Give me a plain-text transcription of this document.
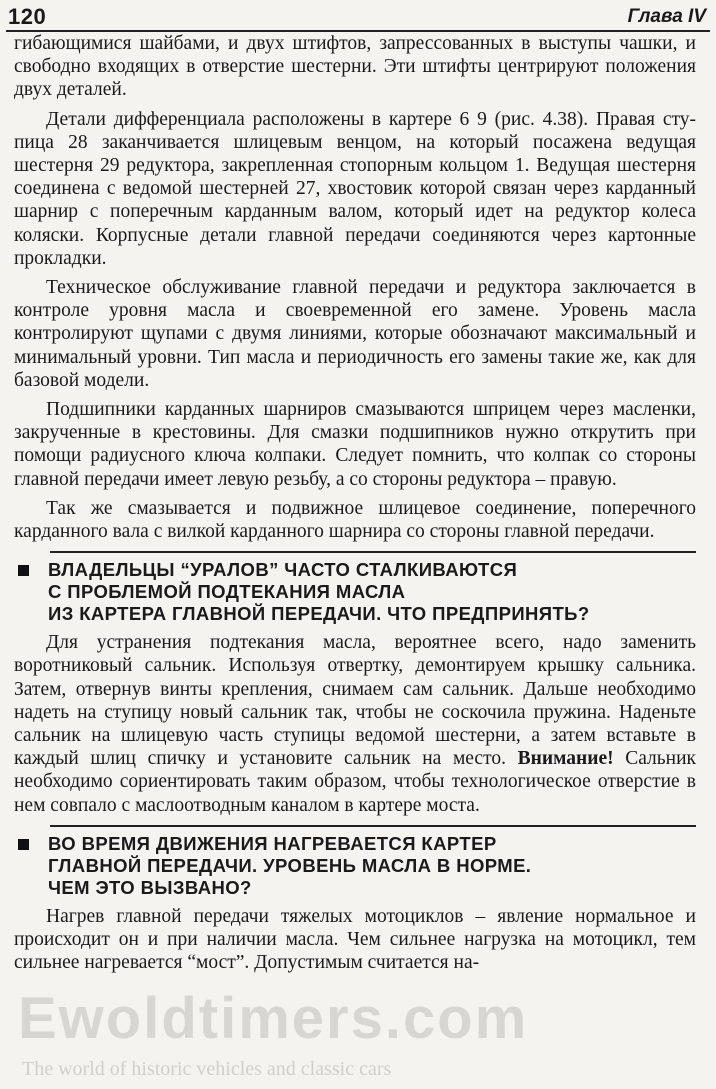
120	Глава IV

гибающимися шайбами, и двух штифтов, запрессованных в выступы чашки, и свободно входящих в отверстие шестерни. Эти штифты центрируют положения двух деталей.

Детали дифференциала расположены в картере 6 9 (рис. 4.38). Правая сту-пица 28 заканчивается шлицевым венцом, на который посажена ведущая шестерня 29 редуктора, закрепленная стопорным кольцом 1. Ведущая шестерня соединена с ведомой шестерней 27, хвостовик которой связан через карданный шарнир с поперечным карданным валом, который идет на редуктор колеса коляски. Корпусные детали главной передачи соединяются через картонные прокладки.

Техническое обслуживание главной передачи и редуктора заключается в контроле уровня масла и своевременной его замене. Уровень масла контролируют щупами с двумя линиями, которые обозначают максимальный и минимальный уровни. Тип масла и периодичность его замены такие же, как для базовой модели.

Подшипники карданных шарниров смазываются шприцем через масленки, закрученные в крестовины. Для смазки подшипников нужно открутить при помощи радиусного ключа колпаки. Следует помнить, что колпак со стороны главной передачи имеет левую резьбу, а со стороны редуктора – правую.

Так же смазывается и подвижное шлицевое соединение, поперечного карданного вала с вилкой карданного шарнира со стороны главной передачи.

ВЛАДЕЛЬЦЫ “УРАЛОВ” ЧАСТО СТАЛКИВАЮТСЯ
С ПРОБЛЕМОЙ ПОДТЕКАНИЯ МАСЛА
ИЗ КАРТЕРА ГЛАВНОЙ ПЕРЕДАЧИ. ЧТО ПРЕДПРИНЯТЬ?

Для устранения подтекания масла, вероятнее всего, надо заменить воротниковый сальник. Используя отвертку, демонтируем крышку сальника. Затем, отвернув винты крепления, снимаем сам сальник. Дальше необходимо надеть на ступицу новый сальник так, чтобы не соскочила пружина. Наденьте сальник на шлицевую часть ступицы ведомой шестерни, а затем вставьте в каждый шлиц спичку и установите сальник на место. Внимание! Сальник необходимо сориентировать таким образом, чтобы технологическое отверстие в нем совпало с маслоотводным каналом в картере моста.

ВО ВРЕМЯ ДВИЖЕНИЯ НАГРЕВАЕТСЯ КАРТЕР
ГЛАВНОЙ ПЕРЕДАЧИ. УРОВЕНЬ МАСЛА В НОРМЕ.
ЧЕМ ЭТО ВЫЗВАНО?

Нагрев главной передачи тяжелых мотоциклов – явление нормальное и происходит он и при наличии масла. Чем сильнее нагрузка на мотоцикл, тем сильнее нагревается “мост”. Допустимым считается на-

Ewoldtimers.com
The world of historic vehicles and classic cars
